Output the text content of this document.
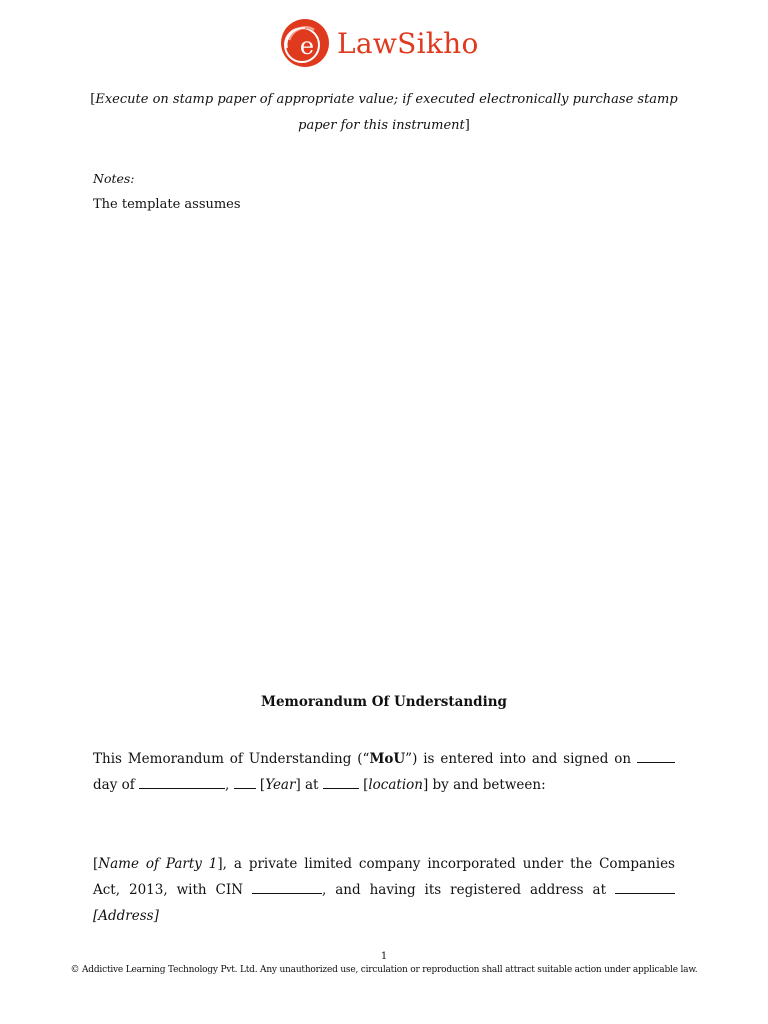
e LawSikho

[Execute on stamp paper of appropriate value; if executed electronically purchase stamp paper for this instrument]

Notes:

The template assumes

Memorandum Of Understanding

This Memorandum of Understanding (“MoU”) is entered into and signed on  day of	, [Year] at	[location] by and between:

[Name of Party 1], a private limited company incorporated under the Companies Act, 2013, with CIN	, and having its registered address at  [Address]

1
© Addictive Learning Technology Pvt. Ltd. Any unauthorized use, circulation or reproduction shall attract suitable action under applicable law.
